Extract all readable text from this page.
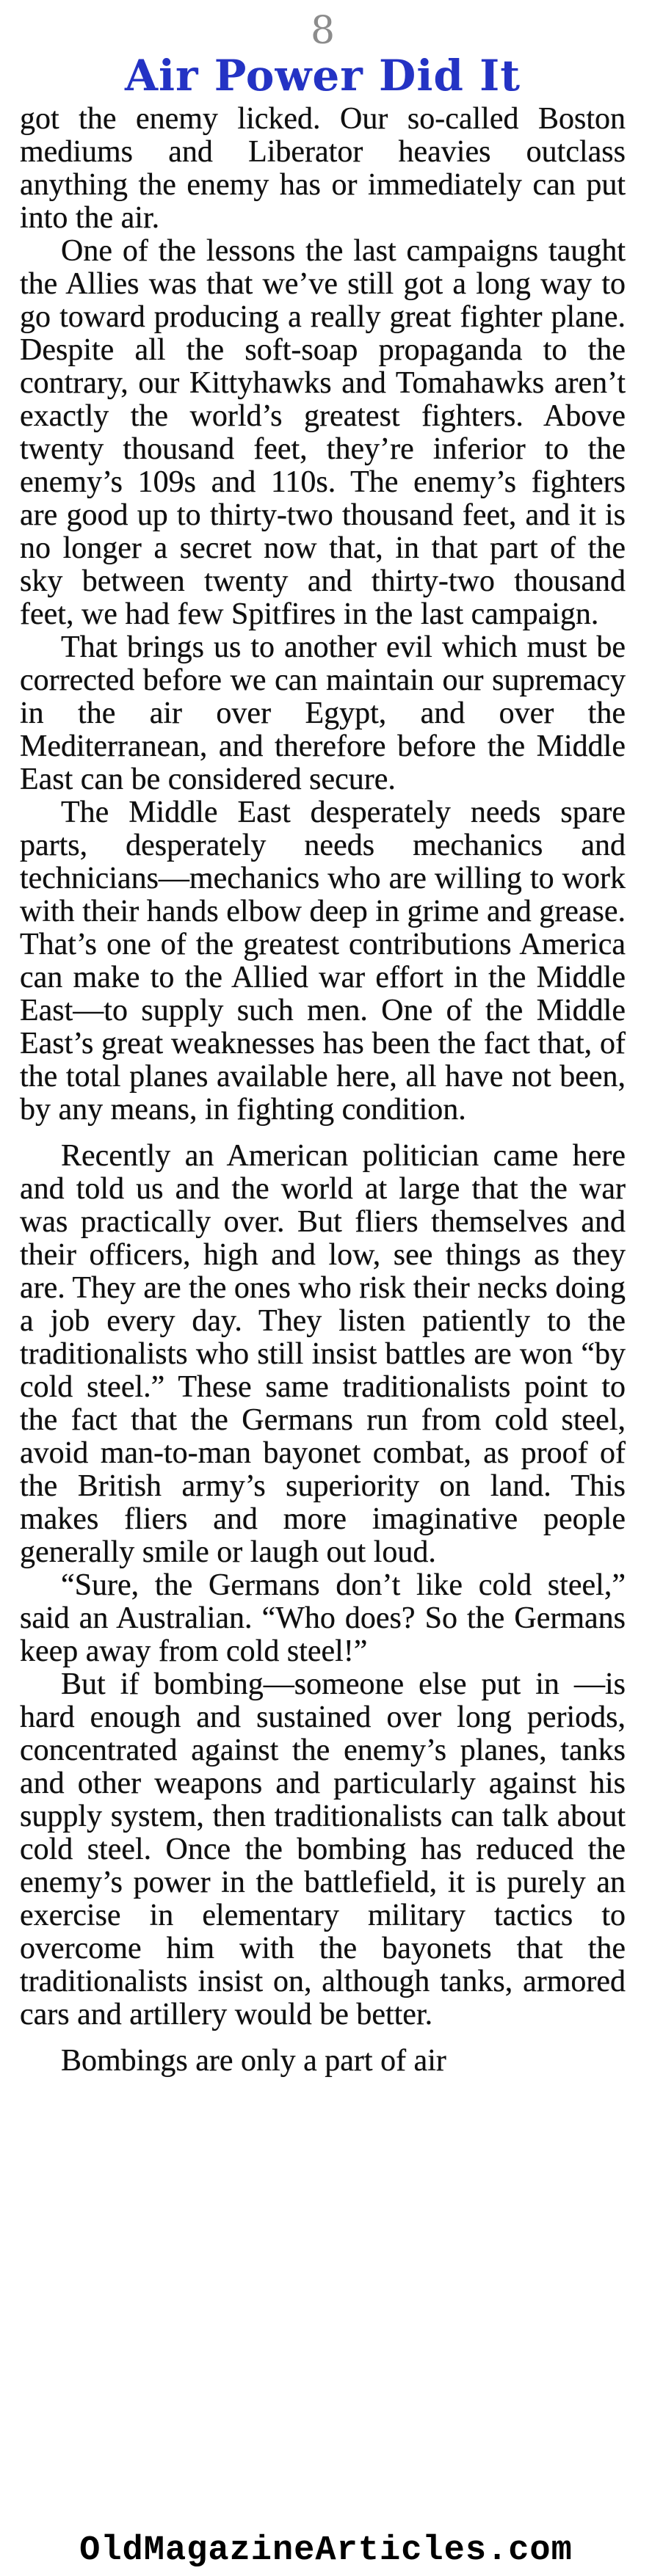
8
Air Power Did It

got the enemy licked. Our so-called Boston mediums and Liberator heavies outclass anything the enemy has or immediately can put into the air.

One of the lessons the last campaigns taught the Allies was that we’ve still got a long way to go toward producing a really great fighter plane. Despite all the soft-soap propaganda to the contrary, our Kittyhawks and Tomahawks aren’t exactly the world’s greatest fighters. Above twenty thousand feet, they’re inferior to the enemy’s 109s and 110s. The enemy’s fighters are good up to thirty-two thousand feet, and it is no longer a secret now that, in that part of the sky between twenty and thirty-two thousand feet, we had few Spitfires in the last campaign.

That brings us to another evil which must be corrected before we can maintain our supremacy in the air over Egypt, and over the Mediterranean, and therefore before the Middle East can be considered secure.

The Middle East desperately needs spare parts, desperately needs mechanics and technicians—mechanics who are willing to work with their hands elbow deep in grime and grease. That’s one of the greatest contributions America can make to the Allied war effort in the Middle East—to supply such men. One of the Middle East’s great weaknesses has been the fact that, of the total planes available here, all have not been, by any means, in fighting condition.

Recently an American politician came here and told us and the world at large that the war was practically over. But fliers themselves and their officers, high and low, see things as they are. They are the ones who risk their necks doing a job every day. They listen patiently to the traditionalists who still insist battles are won “by cold steel.” These same traditionalists point to the fact that the Germans run from cold steel, avoid man-to-man bayonet combat, as proof of the British army’s superiority on land. This makes fliers and more imaginative people generally smile or laugh out loud.

“Sure, the Germans don’t like cold steel,” said an Australian. “Who does? So the Germans keep away from cold steel!”

But if bombing—someone else put in —is hard enough and sustained over long periods, concentrated against the enemy’s planes, tanks and other weapons and particularly against his supply system, then traditionalists can talk about cold steel. Once the bombing has reduced the enemy’s power in the battlefield, it is purely an exercise in elementary military tactics to overcome him with the bayonets that the traditionalists insist on, although tanks, armored cars and artillery would be better.

Bombings are only a part of air

OldMagazineArticles.com
